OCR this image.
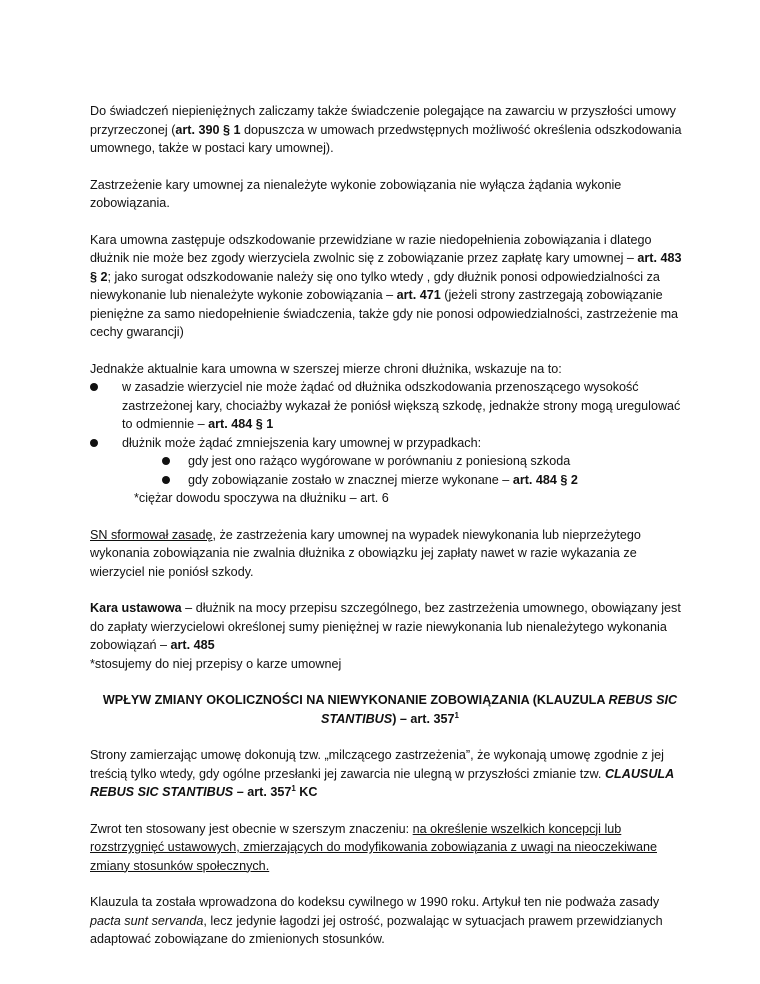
Do świadczeń niepieniężnych zaliczamy także świadczenie polegające na zawarciu w przyszłości umowy przyrzeczonej (art. 390 § 1 dopuszcza w umowach przedwstępnych możliwość określenia odszkodowania umownego, także w postaci kary umownej).

Zastrzeżenie kary umownej za nienależyte wykonie zobowiązania nie wyłącza żądania wykonie zobowiązania.

Kara umowna zastępuje odszkodowanie przewidziane w razie niedopełnienia zobowiązania i dlatego dłużnik nie może bez zgody wierzyciela zwolnic się z zobowiązanie przez zapłatę kary umownej – art. 483 § 2; jako surogat odszkodowanie należy się ono tylko wtedy , gdy dłużnik ponosi odpowiedzialności za niewykonanie lub nienależyte wykonie zobowiązania – art. 471 (jeżeli strony zastrzegają zobowiązanie pieniężne za samo niedopełnienie świadczenia, także gdy nie ponosi odpowiedzialności, zastrzeżenie ma cechy gwarancji)

Jednakże aktualnie kara umowna w szerszej mierze chroni dłużnika, wskazuje na to:

w zasadzie wierzyciel nie może żądać od dłużnika odszkodowania przenoszącego wysokość zastrzeżonej kary, chociażby wykazał że poniósł większą szkodę, jednakże strony mogą uregulować to odmiennie – art. 484 § 1
dłużnik może żądać zmniejszenia kary umownej w przypadkach:
gdy jest ono rażąco wygórowane w porównaniu z poniesioną szkoda
gdy zobowiązanie zostało w znacznej mierze wykonane – art. 484 § 2

*ciężar dowodu spoczywa na dłużniku – art. 6

SN sformował zasadę, że zastrzeżenia kary umownej na wypadek niewykonania lub nieprzeżytego wykonania zobowiązania nie zwalnia dłużnika z obowiązku jej zapłaty nawet w razie wykazania ze wierzyciel nie poniósł szkody.

Kara ustawowa – dłużnik na mocy przepisu szczególnego, bez zastrzeżenia umownego, obowiązany jest do zapłaty wierzycielowi określonej sumy pieniężnej w razie niewykonania lub nienależytego wykonania zobowiązań – art. 485

*stosujemy do niej przepisy o karze umownej

WPŁYW ZMIANY OKOLICZNOŚCI NA NIEWYKONANIE ZOBOWIĄZANIA (KLAUZULA REBUS SIC STANTIBUS) – art. $357^1$

Strony zamierzając umowę dokonują tzw. „milczącego zastrzeżenia”, że wykonają umowę zgodnie z jej treścią tylko wtedy, gdy ogólne przesłanki jej zawarcia nie ulegną w przyszłości zmianie tzw. CLAUSULA REBUS SIC STANTIBUS – art. $357^1$ KC

Zwrot ten stosowany jest obecnie w szerszym znaczeniu: na określenie wszelkich koncepcji lub rozstrzygnięć ustawowych, zmierzających do modyfikowania zobowiązania z uwagi na nieoczekiwane zmiany stosunków społecznych.

Klauzula ta została wprowadzona do kodeksu cywilnego w 1990 roku. Artykuł ten nie podważa zasady pacta sunt servanda, lecz jedynie łagodzi jej ostrość, pozwalając w sytuacjach prawem przewidzianych adaptować zobowiązane do zmienionych stosunków.
